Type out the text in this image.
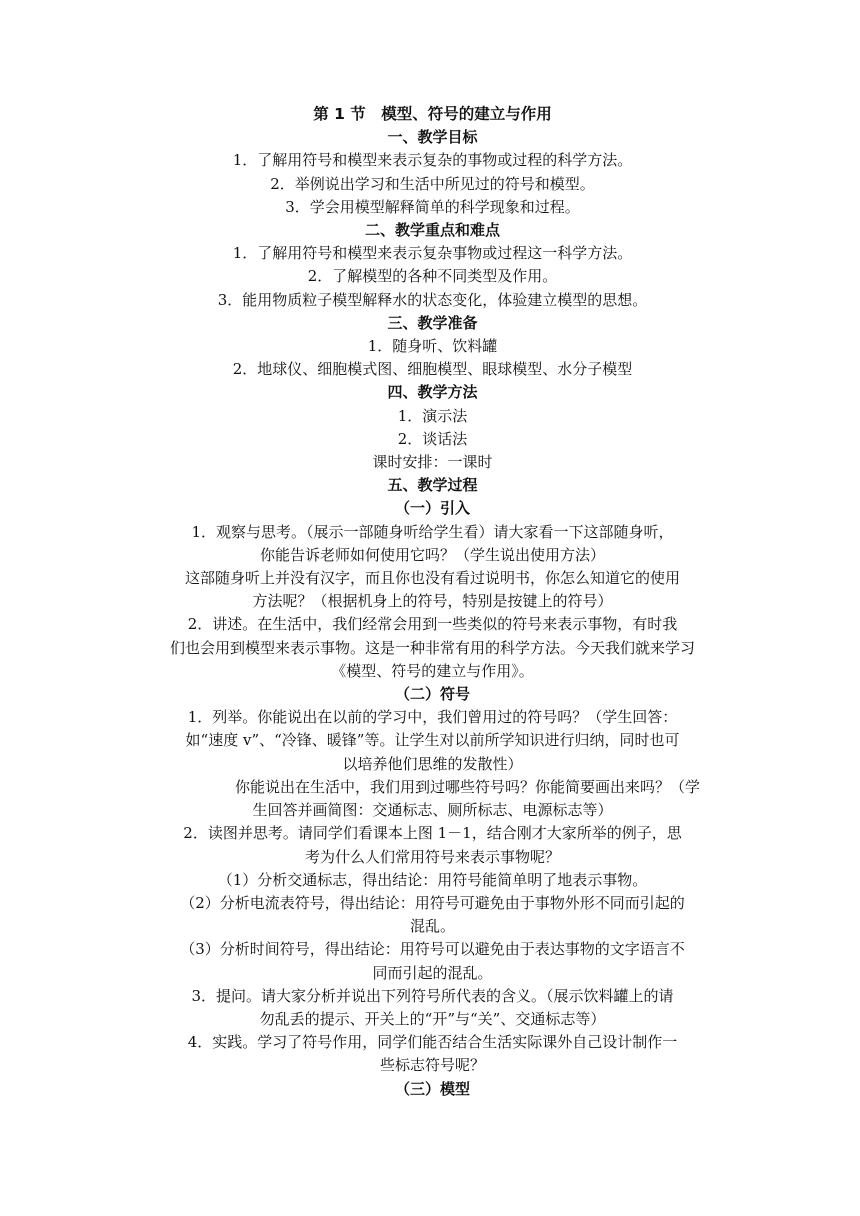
第 1 节　模型、符号的建立与作用

一、教学目标

1．了解用符号和模型来表示复杂的事物或过程的科学方法。

2．举例说出学习和生活中所见过的符号和模型。

3．学会用模型解释简单的科学现象和过程。

二、教学重点和难点

1．了解用符号和模型来表示复杂事物或过程这一科学方法。

2．了解模型的各种不同类型及作用。

3．能用物质粒子模型解释水的状态变化，体验建立模型的思想。

三、教学准备

1．随身听、饮料罐

2．地球仪、细胞模式图、细胞模型、眼球模型、水分子模型

四、教学方法

1．演示法

2．谈话法

课时安排：一课时

五、教学过程

（一）引入

1．观察与思考。（展示一部随身听给学生看）请大家看一下这部随身听，

你能告诉老师如何使用它吗？（学生说出使用方法）

这部随身听上并没有汉字，而且你也没有看过说明书，你怎么知道它的使用

方法呢？（根据机身上的符号，特别是按键上的符号）

2．讲述。在生活中，我们经常会用到一些类似的符号来表示事物，有时我

们也会用到模型来表示事物。这是一种非常有用的科学方法。今天我们就来学习

《模型、符号的建立与作用》。

（二）符号

1．列举。你能说出在以前的学习中，我们曾用过的符号吗？（学生回答：

如“速度 v”、“冷锋、暖锋”等。让学生对以前所学知识进行归纳，同时也可

以培养他们思维的发散性）

你能说出在生活中，我们用到过哪些符号吗？你能简要画出来吗？（学

生回答并画简图：交通标志、厕所标志、电源标志等）

2．读图并思考。请同学们看课本上图 1－1，结合刚才大家所举的例子，思

考为什么人们常用符号来表示事物呢？

（1）分析交通标志，得出结论：用符号能简单明了地表示事物。

（2）分析电流表符号，得出结论：用符号可避免由于事物外形不同而引起的

混乱。

（3）分析时间符号，得出结论：用符号可以避免由于表达事物的文字语言不

同而引起的混乱。

3．提问。请大家分析并说出下列符号所代表的含义。（展示饮料罐上的请

勿乱丢的提示、开关上的“开”与“关”、交通标志等）

4．实践。学习了符号作用，同学们能否结合生活实际课外自己设计制作一

些标志符号呢？

（三）模型
